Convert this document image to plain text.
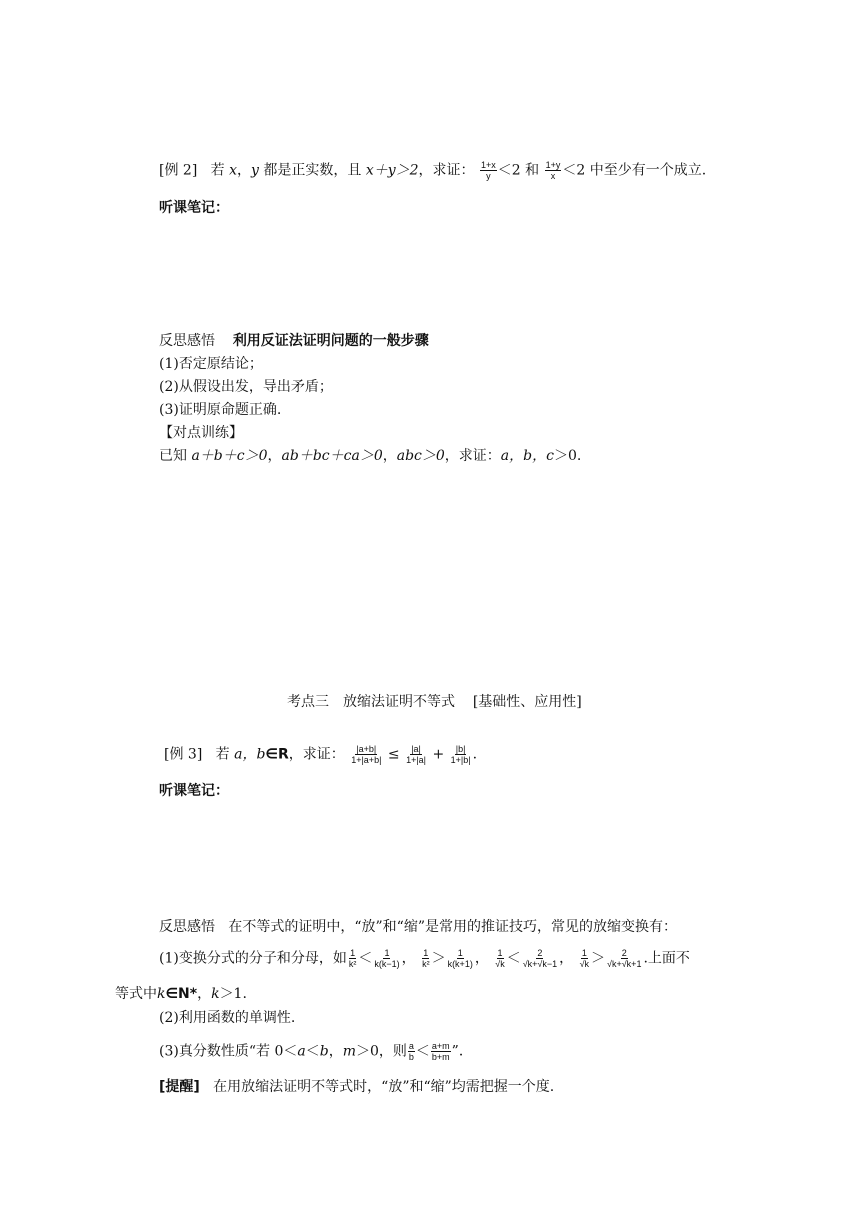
[例 2] 若 x，y 都是正实数，且 x＋y＞2，求证： $\frac{1+x}{y} <2$ 和 $\frac{1+y}{x} <2$ 中至少有一个成立.
听课笔记：
反思感悟 利用反证法证明问题的一般步骤
(1)否定原结论；
(2)从假设出发，导出矛盾；
(3)证明原命题正确.
【对点训练】
已知 a＋b＋c＞0，ab＋bc＋ca＞0，abc＞0，求证：a，b，c＞0.
考点三　放缩法证明不等式 [基础性、应用性]
[例 3] 若 a，b∈R，求证： $\frac{|a+b|}{1+|a+b|} \le \frac{|a|}{1+|a|} + \frac{|b|}{1+|b|}$ .
听课笔记：
反思感悟 在不等式的证明中，“放”和“缩”是常用的推证技巧，常见的放缩变换有：
(1)变换分式的分子和分母，如 $\frac{1}{\text{k²}} < \frac{1}{k(k-1)}$ ， $\frac{1}{\text{k²}} > \frac{1}{k(k+1)}$ ， $\frac{1}{√k} < \frac{2}{√k+√k-1}$ ， $\frac{1}{√k} > \frac{2}{√k+√k+1}$ .上面不
等式中k∈N*，k＞1.
(2)利用函数的单调性.
(3)真分数性质“若 0＜a＜b，m＞0，则 $\frac{a}{b} < \frac{a+m}{b+m}$ ”．
[提醒] 在用放缩法证明不等式时，“放”和“缩”均需把握一个度.
